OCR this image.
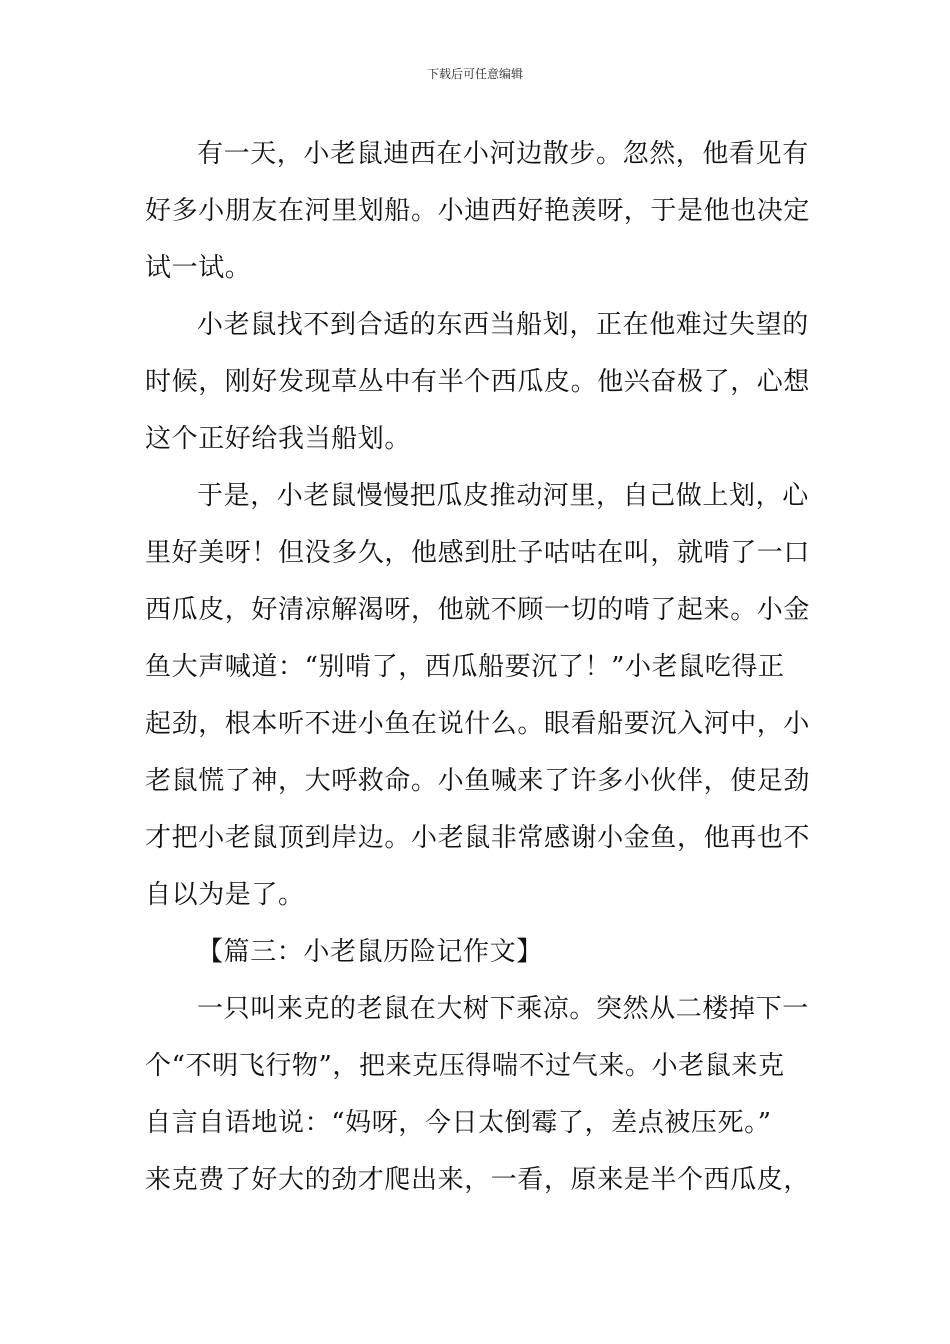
下载后可任意编辑
有一天，小老鼠迪西在小河边散步。忽然，他看见有
好多小朋友在河里划船。小迪西好艳羡呀，于是他也决定
试一试。
小老鼠找不到合适的东西当船划，正在他难过失望的
时候，刚好发现草丛中有半个西瓜皮。他兴奋极了，心想
这个正好给我当船划。
于是，小老鼠慢慢把瓜皮推动河里，自己做上划，心
里好美呀！但没多久，他感到肚子咕咕在叫，就啃了一口
西瓜皮，好清凉解渴呀，他就不顾一切的啃了起来。小金
鱼大声喊道：“别啃了，西瓜船要沉了！”小老鼠吃得正
起劲，根本听不进小鱼在说什么。眼看船要沉入河中，小
老鼠慌了神，大呼救命。小鱼喊来了许多小伙伴，使足劲
才把小老鼠顶到岸边。小老鼠非常感谢小金鱼，他再也不
自以为是了。
【篇三：小老鼠历险记作文】
一只叫来克的老鼠在大树下乘凉。突然从二楼掉下一
个“不明飞行物”，把来克压得喘不过气来。小老鼠来克
自言自语地说：“妈呀，今日太倒霉了，差点被压死。”
来克费了好大的劲才爬出来，一看，原来是半个西瓜皮，
